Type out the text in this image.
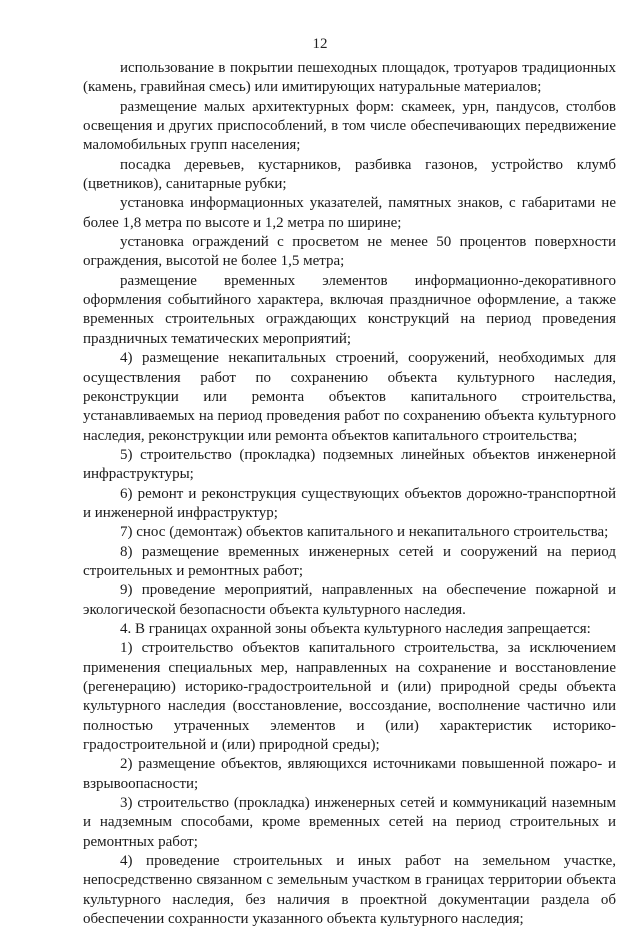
12

использование в покрытии пешеходных площадок, тротуаров традиционных (камень, гравийная смесь) или имитирующих натуральные материалов;

размещение малых архитектурных форм: скамеек, урн, пандусов, столбов освещения и других приспособлений, в том числе обеспечивающих передвижение маломобильных групп населения;

посадка деревьев, кустарников, разбивка газонов, устройство клумб (цветников), санитарные рубки;

установка информационных указателей, памятных знаков, с габаритами не более 1,8 метра по высоте и 1,2 метра по ширине;

установка ограждений с просветом не менее 50 процентов поверхности ограждения, высотой не более 1,5 метра;

размещение временных элементов информационно-декоративного оформления событийного характера, включая праздничное оформление, а также временных строительных ограждающих конструкций на период проведения праздничных тематических мероприятий;

4) размещение некапитальных строений, сооружений, необходимых для осуществления работ по сохранению объекта культурного наследия, реконструкции или ремонта объектов капитального строительства, устанавливаемых на период проведения работ по сохранению объекта культурного наследия, реконструкции или ремонта объектов капитального строительства;

5) строительство (прокладка) подземных линейных объектов инженерной инфраструктуры;

6) ремонт и реконструкция существующих объектов дорожно-транспортной и инженерной инфраструктур;

7) снос (демонтаж) объектов капитального и некапитального строительства;

8) размещение временных инженерных сетей и сооружений на период строительных и ремонтных работ;

9) проведение мероприятий, направленных на обеспечение пожарной и экологической безопасности объекта культурного наследия.

4. В границах охранной зоны объекта культурного наследия запрещается:

1) строительство объектов капитального строительства, за исключением применения специальных мер, направленных на сохранение и восстановление (регенерацию) историко-градостроительной и (или) природной среды объекта культурного наследия (восстановление, воссоздание, восполнение частично или полностью утраченных элементов и (или) характеристик историко-градостроительной и (или) природной среды);

2) размещение объектов, являющихся источниками повышенной пожаро- и взрывоопасности;

3) строительство (прокладка) инженерных сетей и коммуникаций наземным и надземным способами, кроме временных сетей на период строительных и ремонтных работ;

4) проведение строительных и иных работ на земельном участке, непосредственно связанном с земельным участком в границах территории объекта культурного наследия, без наличия в проектной документации раздела об обеспечении сохранности указанного объекта культурного наследия;
